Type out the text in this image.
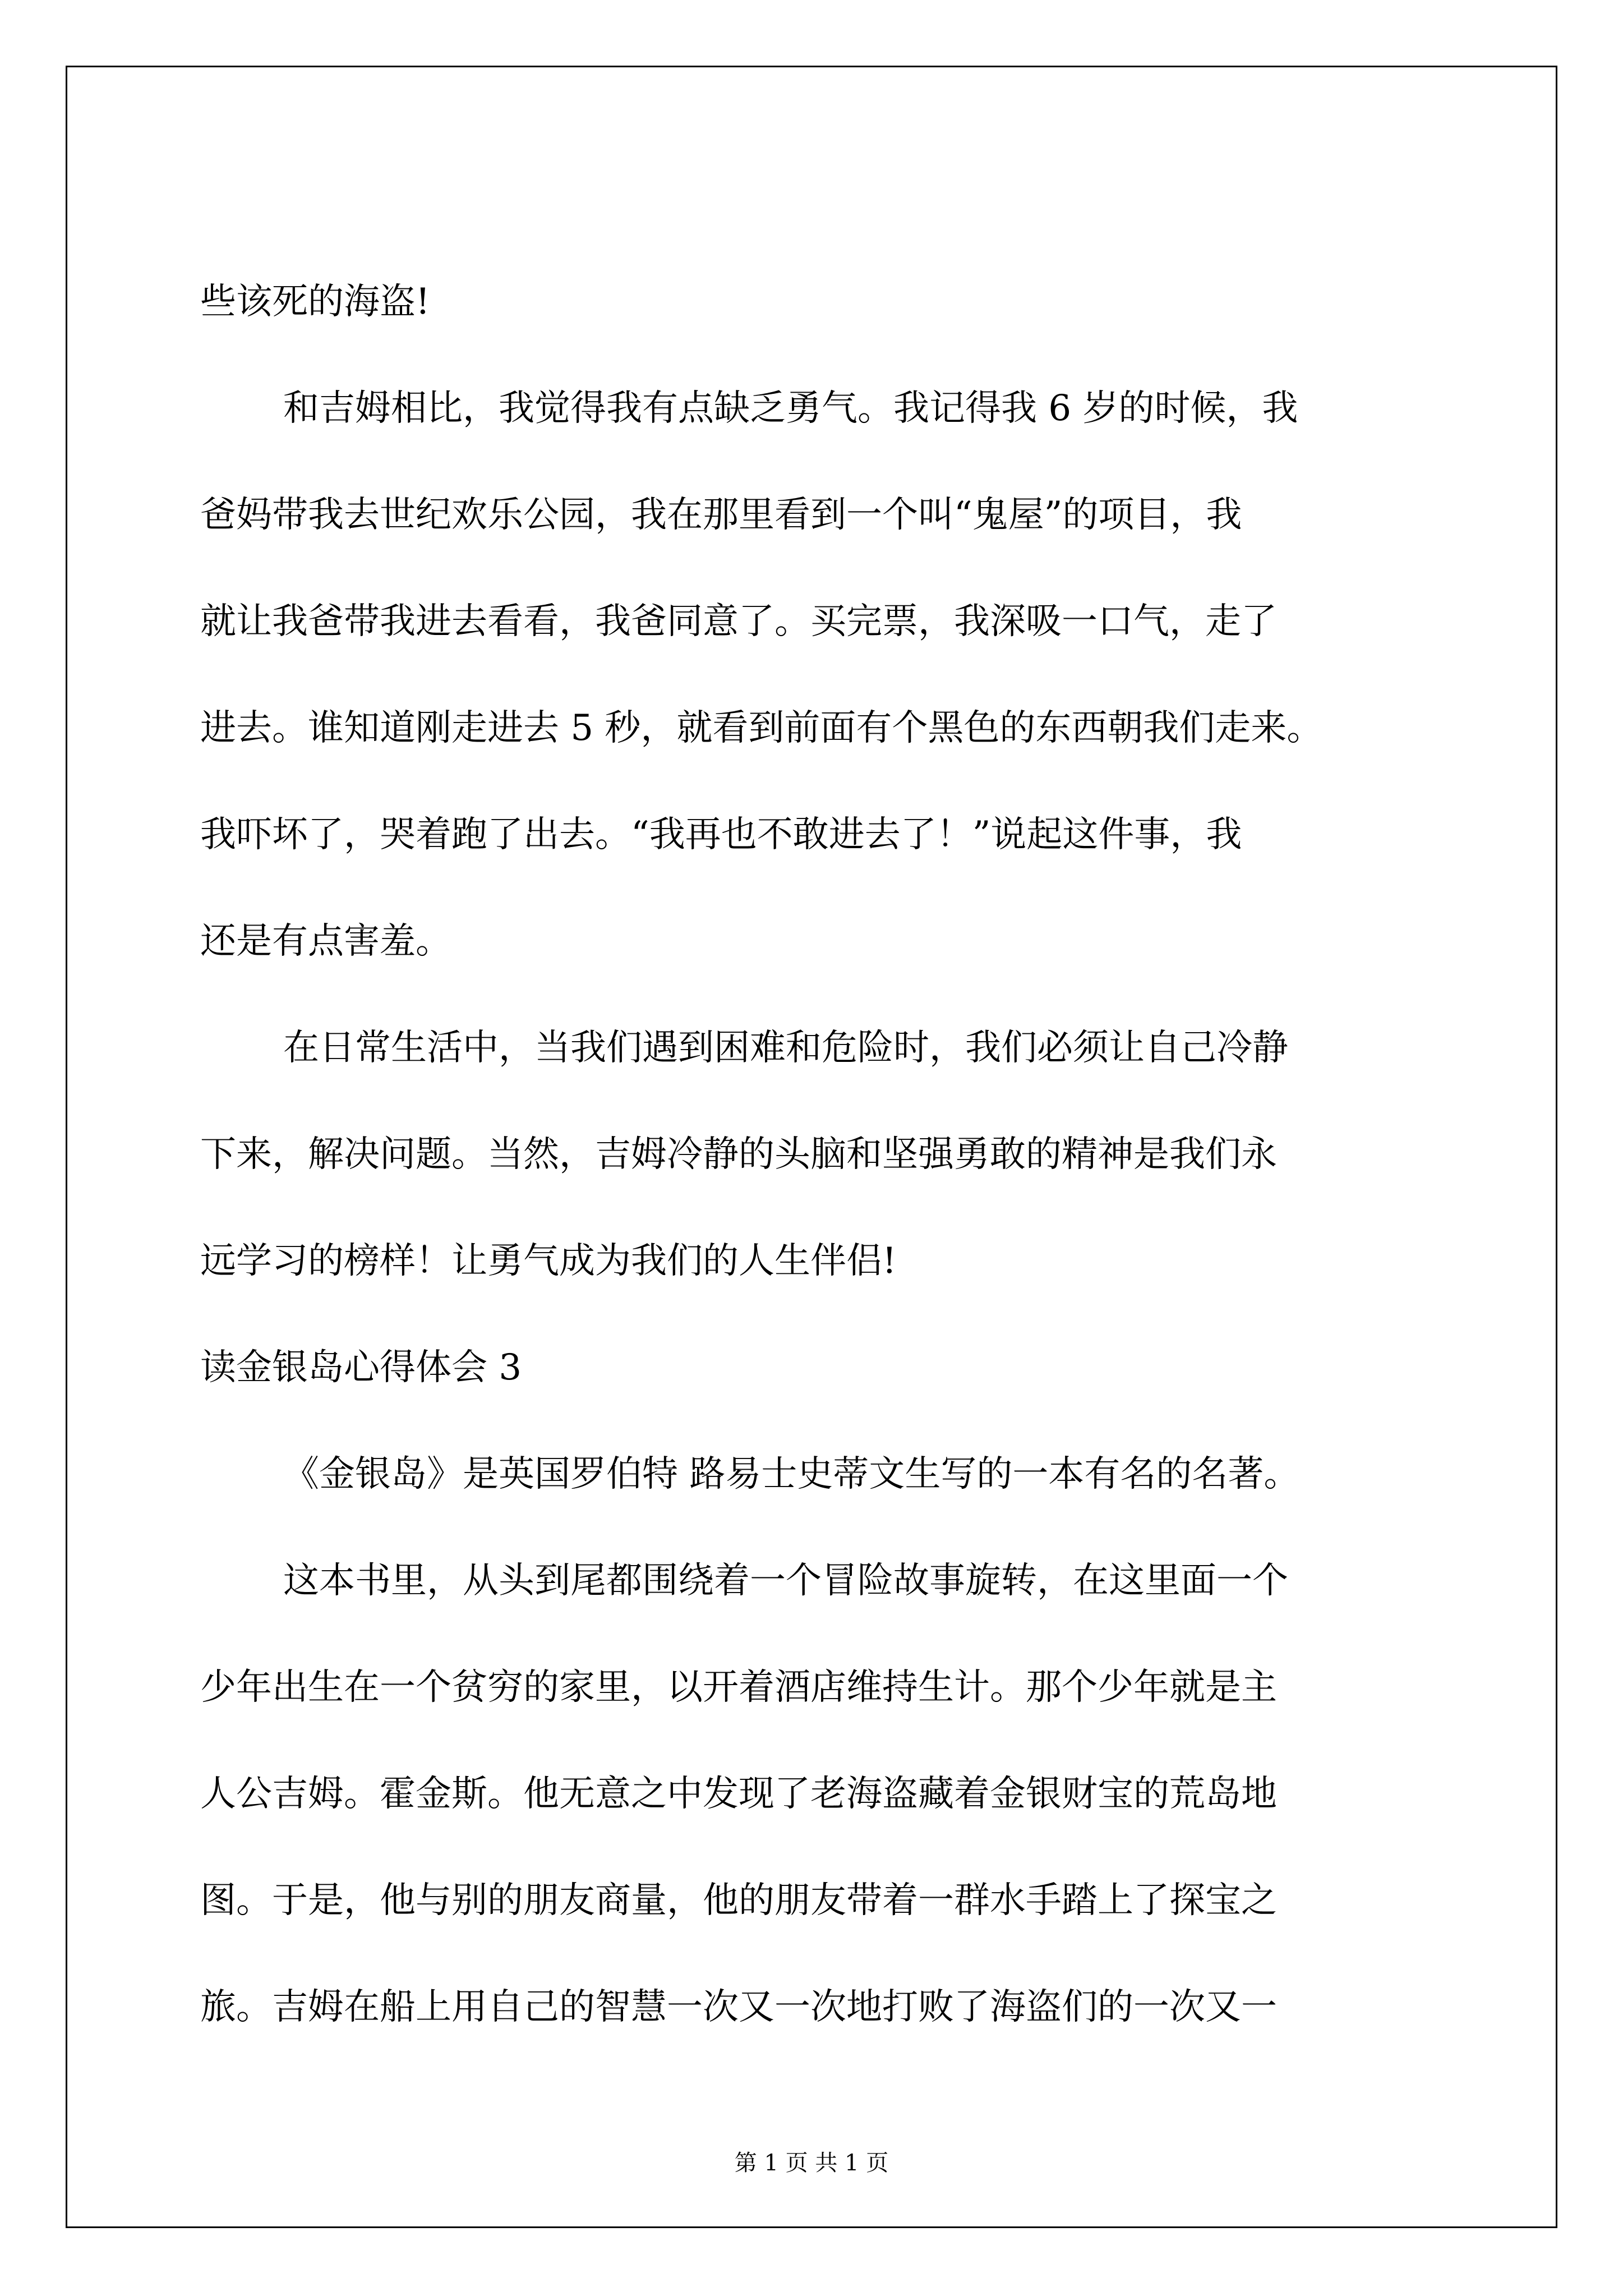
些该死的海盗!
和吉姆相比，我觉得我有点缺乏勇气。我记得我 6 岁的时候，我
爸妈带我去世纪欢乐公园，我在那里看到一个叫“鬼屋”的项目，我
就让我爸带我进去看看，我爸同意了。买完票，我深吸一口气，走了
进去。谁知道刚走进去 5 秒，就看到前面有个黑色的东西朝我们走来。
我吓坏了，哭着跑了出去。“我再也不敢进去了！”说起这件事，我
还是有点害羞。
在日常生活中，当我们遇到困难和危险时，我们必须让自己冷静
下来，解决问题。当然，吉姆冷静的头脑和坚强勇敢的精神是我们永
远学习的榜样！让勇气成为我们的人生伴侣!
读金银岛心得体会 3
《金银岛》是英国罗伯特 路易士史蒂文生写的一本有名的名著。
这本书里，从头到尾都围绕着一个冒险故事旋转，在这里面一个
少年出生在一个贫穷的家里，以开着酒店维持生计。那个少年就是主
人公吉姆。霍金斯。他无意之中发现了老海盗藏着金银财宝的荒岛地
图。于是，他与别的朋友商量，他的朋友带着一群水手踏上了探宝之
旅。吉姆在船上用自己的智慧一次又一次地打败了海盗们的一次又一
第 1 页 共 1 页
